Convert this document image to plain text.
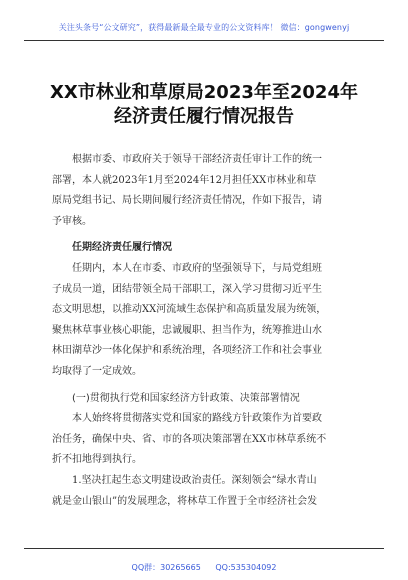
关注头条号“公文研究”，获得最新最全最专业的公文资料库！ 微信：gongwenyj
XX市林业和草原局2023年至2024年
经济责任履行情况报告
根据市委、市政府关于领导干部经济责任审计工作的统一
部署，本人就2023年1月至2024年12月担任XX市林业和草
原局党组书记、局长期间履行经济责任情况，作如下报告，请
予审核。
任期经济责任履行情况
任期内，本人在市委、市政府的坚强领导下，与局党组班
子成员一道，团结带领全局干部职工，深入学习贯彻习近平生
态文明思想，以推动XX河流域生态保护和高质量发展为统领，
聚焦林草事业核心职能，忠诚履职、担当作为，统筹推进山水
林田湖草沙一体化保护和系统治理，各项经济工作和社会事业
均取得了一定成效。
(一)贯彻执行党和国家经济方针政策、决策部署情况
本人始终将贯彻落实党和国家的路线方针政策作为首要政
治任务，确保中央、省、市的各项决策部署在XX市林草系统不
折不扣地得到执行。
1.坚决扛起生态文明建设政治责任。深刻领会“绿水青山
就是金山银山”的发展理念，将林草工作置于全市经济社会发
QQ群：30265665 QQ:535304092
